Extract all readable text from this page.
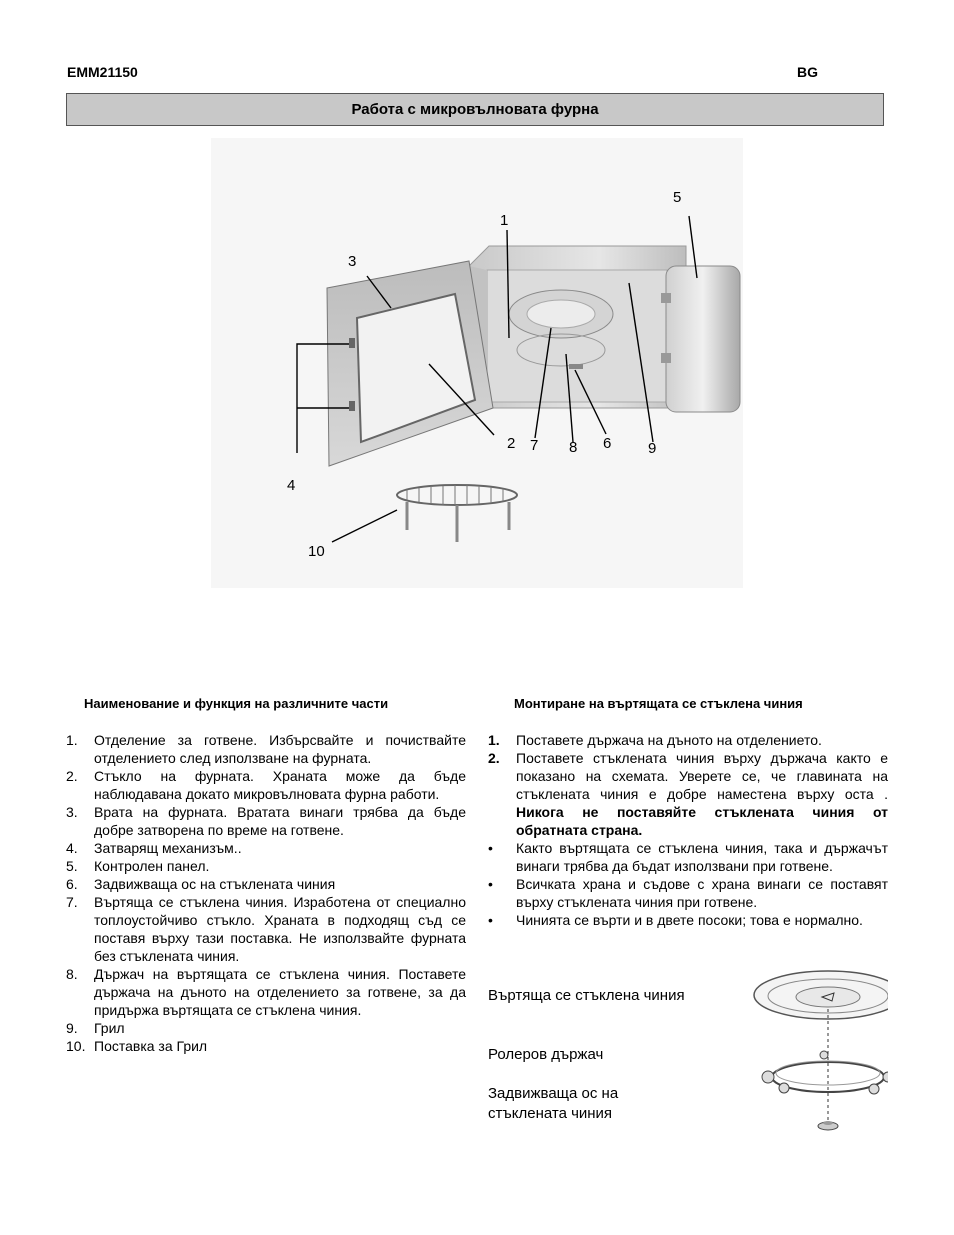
EMM21150	BG
Работа с микровълновата фурна
1
2
3
4
5
6
7 8	9
10
Наименование и функция на различните части
1.	Отделение за готвене. Избърсвайте и почиствайте отделението след използване на фурната.
2.	Стъкло на фурната. Храната може да бъде наблюдавана докато микровълновата фурна работи.
3.	Врата на фурната. Вратата винаги трябва да бъде добре затворена по време на готвене.
4.	Затварящ механизъм..
5.	Контролен панел.
6.	Задвижваща ос на стъклената чиния
7.	Въртяща се стъклена чиния. Изработена от специално топлоустойчиво стъкло. Храната в подходящ съд се поставя върху тази поставка. Не използвайте фурната без стъклената чиния.
8.	Държач на въртящата се стъклена чиния. Поставете държача на дъното на отделението за готвене, за да придържа въртящата се стъклена чиния.
9.	Грил
10. Поставка за Грил
Монтиране на въртящата се стъклена чиния
1.	Поставете държача на дъното на отделението.
2.	Поставете стъклената чиния върху държача както е показано на схемата. Уверете се, че главината на стъклената чиния е добре наместена върху оста . Никога не поставяйте стъклената чиния от обратната страна.
•	Както въртящата се стъклена чиния, така и държачът винаги трябва да бъдат използвани при готвене.
•	Всичката храна и съдове с храна винаги се поставят върху стъклената чиния при готвене.
•	Чинията се върти и в двете посоки; това е нормално.
Въртяща се стъклена чиния
Ролеров държач
Задвижваща ос на
стъклената чиния
